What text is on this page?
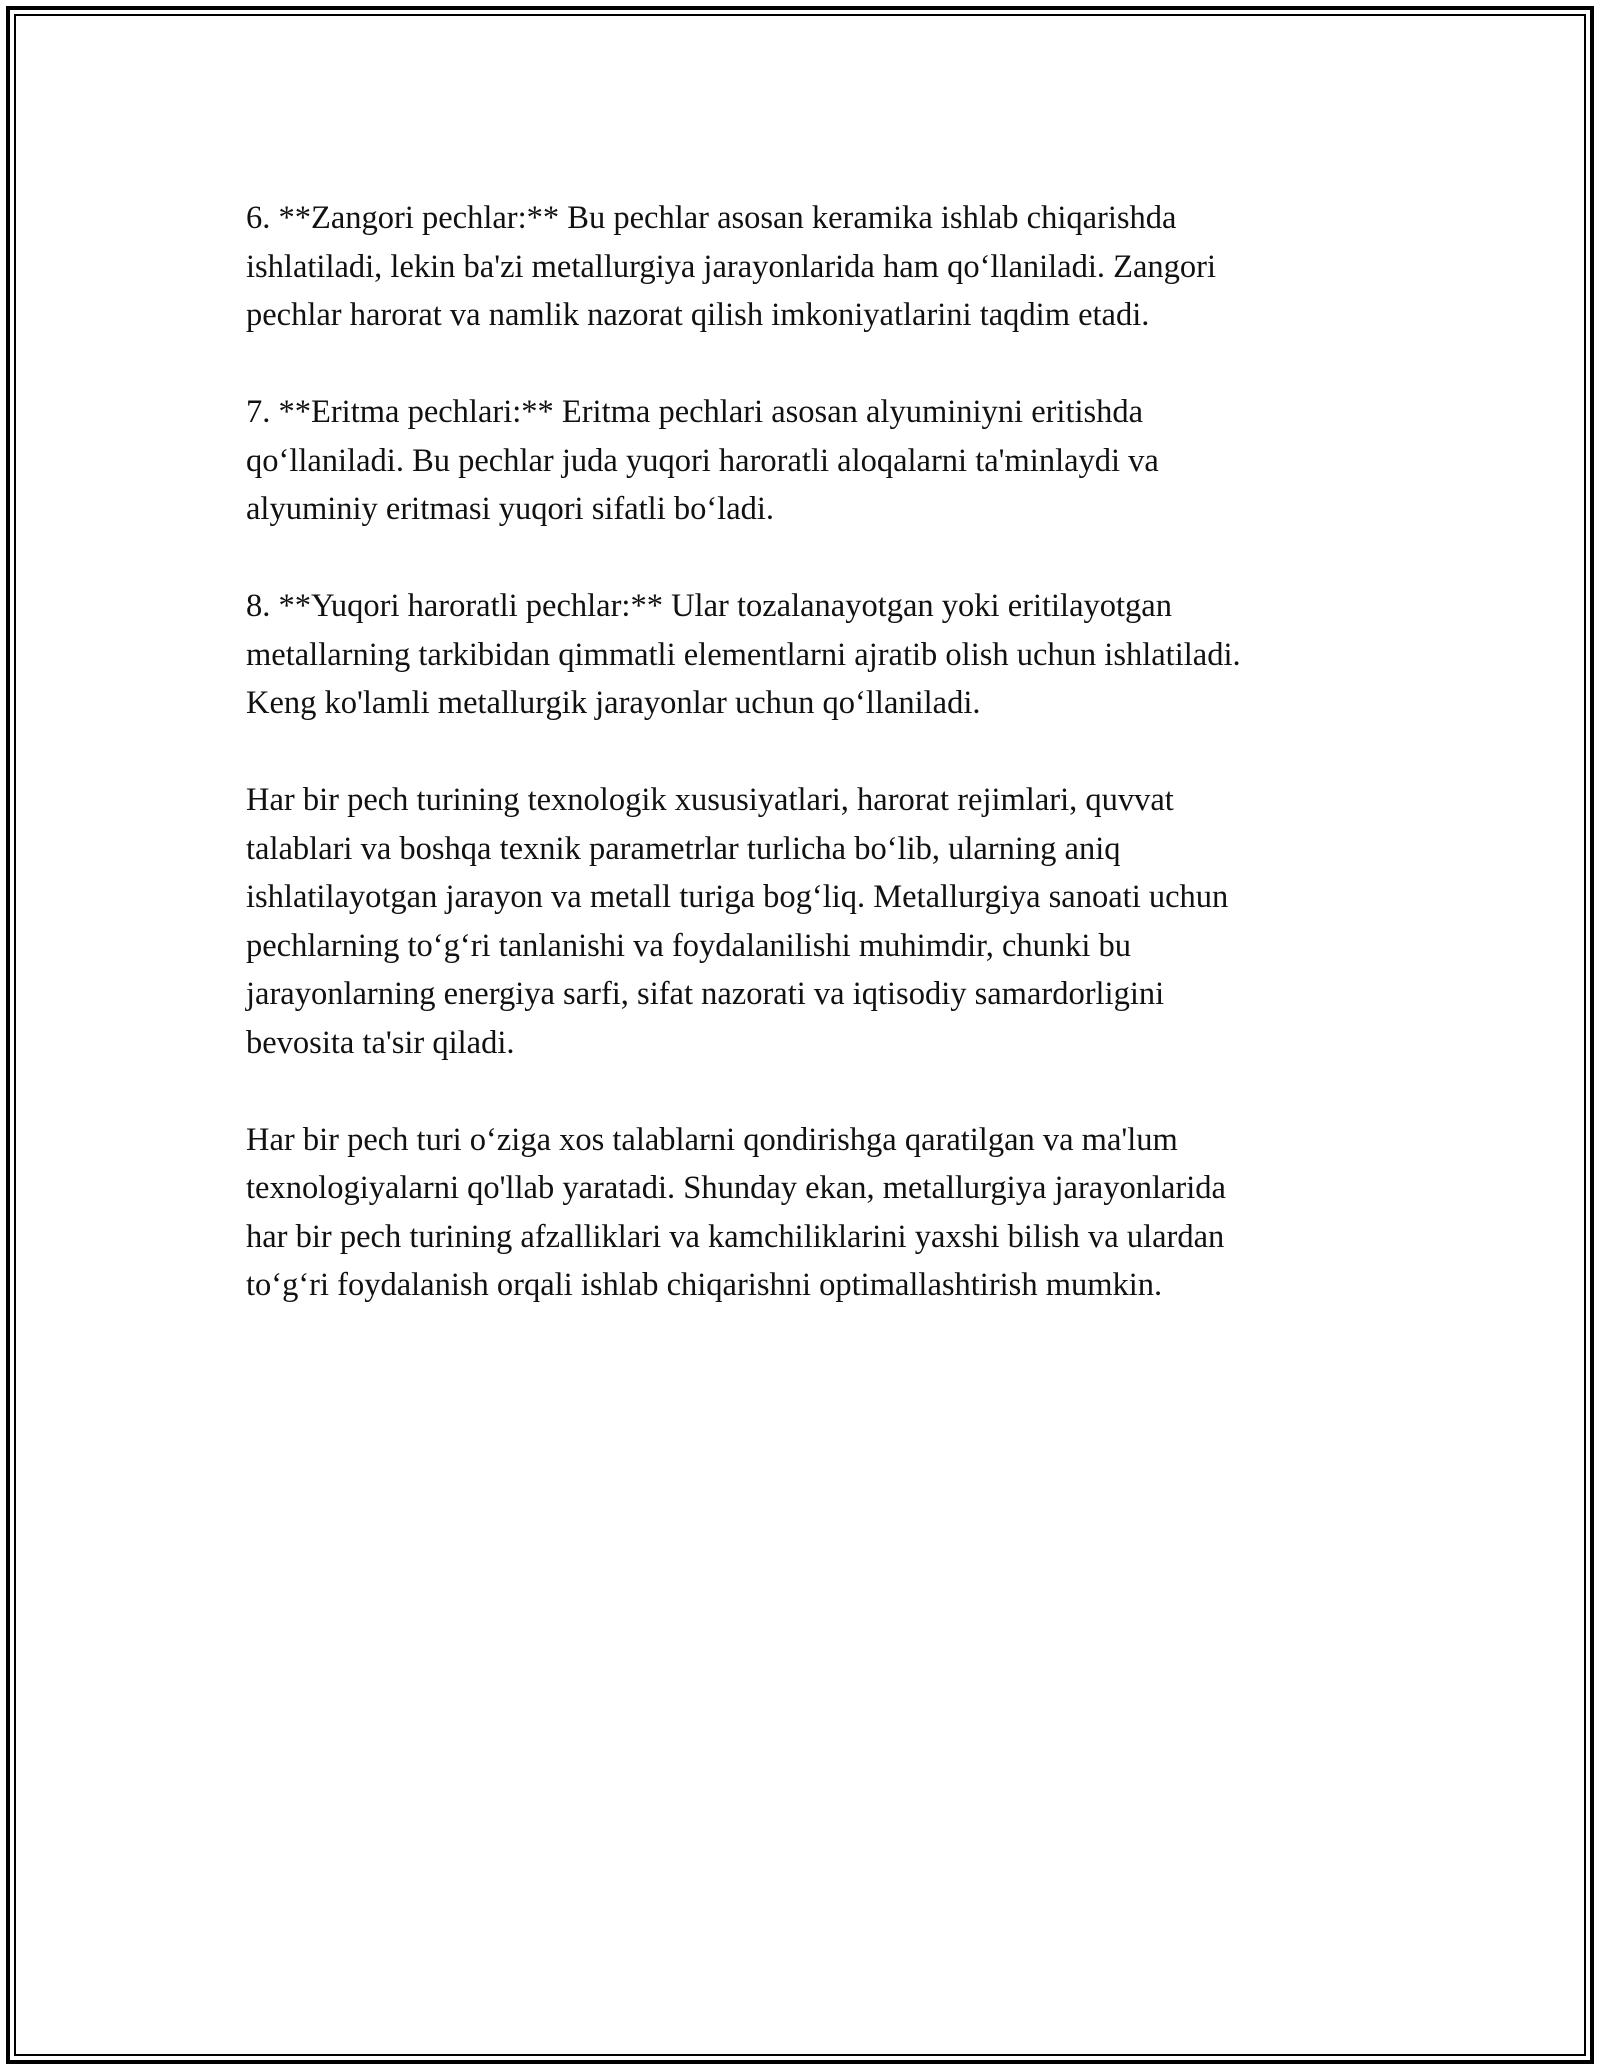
6. **Zangori pechlar:** Bu pechlar asosan keramika ishlab chiqarishda
ishlatiladi, lekin ba'zi metallurgiya jarayonlarida ham qo‘llaniladi. Zangori
pechlar harorat va namlik nazorat qilish imkoniyatlarini taqdim etadi.

7. **Eritma pechlari:** Eritma pechlari asosan alyuminiyni eritishda
qo‘llaniladi. Bu pechlar juda yuqori haroratli aloqalarni ta'minlaydi va
alyuminiy eritmasi yuqori sifatli bo‘ladi.

8. **Yuqori haroratli pechlar:** Ular tozalanayotgan yoki eritilayotgan
metallarning tarkibidan qimmatli elementlarni ajratib olish uchun ishlatiladi.
Keng ko'lamli metallurgik jarayonlar uchun qo‘llaniladi.

Har bir pech turining texnologik xususiyatlari, harorat rejimlari, quvvat
talablari va boshqa texnik parametrlar turlicha bo‘lib, ularning aniq
ishlatilayotgan jarayon va metall turiga bog‘liq. Metallurgiya sanoati uchun
pechlarning to‘g‘ri tanlanishi va foydalanilishi muhimdir, chunki bu
jarayonlarning energiya sarfi, sifat nazorati va iqtisodiy samardorligini
bevosita ta'sir qiladi.

Har bir pech turi o‘ziga xos talablarni qondirishga qaratilgan va ma'lum
texnologiyalarni qo'llab yaratadi. Shunday ekan, metallurgiya jarayonlarida
har bir pech turining afzalliklari va kamchiliklarini yaxshi bilish va ulardan
to‘g‘ri foydalanish orqali ishlab chiqarishni optimallashtirish mumkin.
